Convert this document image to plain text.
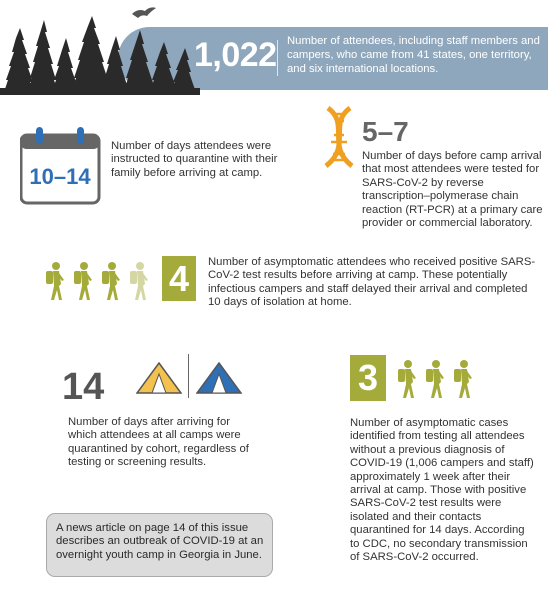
1,022 Number of attendees, including staff members and campers, who came from 41 states, one territory, and six international locations.
10–14
Number of days attendees were instructed to quarantine with their family before arriving at camp.
5–7
Number of days before camp arrival that most attendees were tested for SARS-CoV-2 by reverse transcription–polymerase chain reaction (RT-PCR) at a primary care provider or commercial laboratory.
4	Number of asymptomatic attendees who received positive SARS-CoV-2 test results before arriving at camp. These potentially infectious campers and staff delayed their arrival and completed 10 days of isolation at home.
14
Number of days after arriving for which attendees at all camps were quarantined by cohort, regardless of testing or screening results.
3
Number of asymptomatic cases identified from testing all attendees without a previous diagnosis of COVID-19 (1,006 campers and staff) approximately 1 week after their arrival at camp. Those with positive SARS-CoV-2 test results were isolated and their contacts quarantined for 14 days. According to CDC, no secondary transmission of SARS-CoV-2 occurred.
A news article on page 14 of this issue describes an outbreak of COVID-19 at an overnight youth camp in Georgia in June.
